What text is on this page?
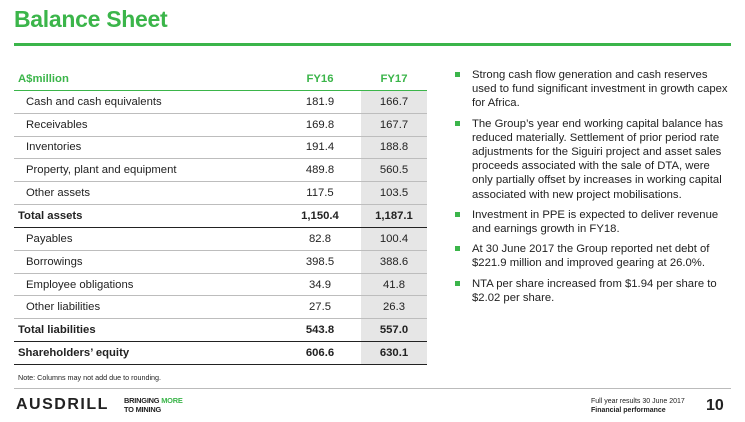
Balance Sheet
A$million	FY16	FY17
Cash and cash equivalents	181.9	166.7
Receivables	169.8	167.7
Inventories	191.4	188.8
Property, plant and equipment	489.8	560.5
Other assets	117.5	103.5
Total assets	1,150.4	1,187.1
Payables	82.8	100.4
Borrowings	398.5	388.6
Employee obligations	34.9	41.8
Other liabilities	27.5	26.3
Total liabilities	543.8	557.0
Shareholders’ equity	606.6	630.1
Note: Columns may not add due to rounding.
Strong cash flow generation and cash reserves used to fund significant investment in growth capex for Africa.
The Group’s year end working capital balance has reduced materially. Settlement of prior period rate adjustments for the Siguiri project and asset sales proceeds associated with the sale of DTA, were only partially offset by increases in working capital associated with new project mobilisations.
Investment in PPE is expected to deliver revenue and earnings growth in FY18.
At 30 June 2017 the Group reported net debt of $221.9 million and improved gearing at 26.0%.
NTA per share increased from $1.94 per share to $2.02 per share.
AUSDRILL BRINGING MORE
TO MINING
Full year results 30 June 2017
Financial performance	10
